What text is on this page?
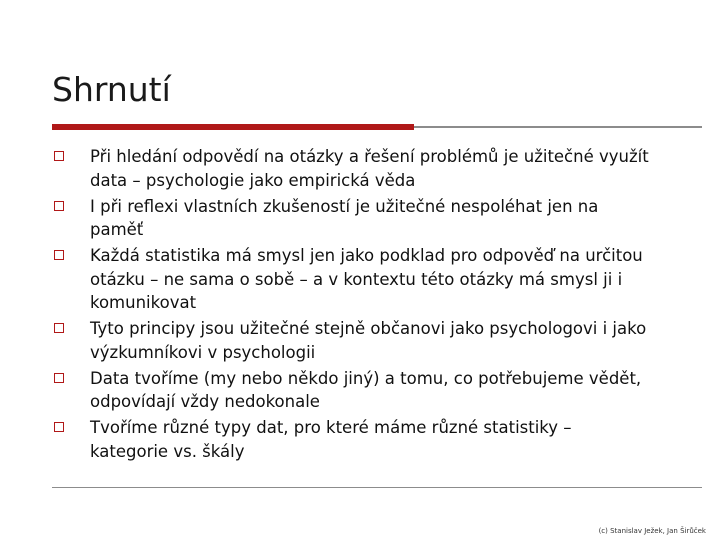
Shrnutí
Při hledání odpovědí na otázky a řešení problémů je užitečné využít data – psychologie jako empirická věda
I při reflexi vlastních zkušeností je užitečné nespoléhat jen na paměť
Každá statistika má smysl jen jako podklad pro odpověď na určitou otázku – ne sama o sobě – a v kontextu této otázky má smysl ji i komunikovat
Tyto principy jsou užitečné stejně občanovi jako psychologovi i jako výzkumníkovi v psychologii
Data tvoříme (my nebo někdo jiný) a tomu, co potřebujeme vědět, odpovídají vždy nedokonale
Tvoříme různé typy dat, pro které máme různé statistiky – kategorie vs. škály
(c) Stanislav Ježek, Jan Širůček
